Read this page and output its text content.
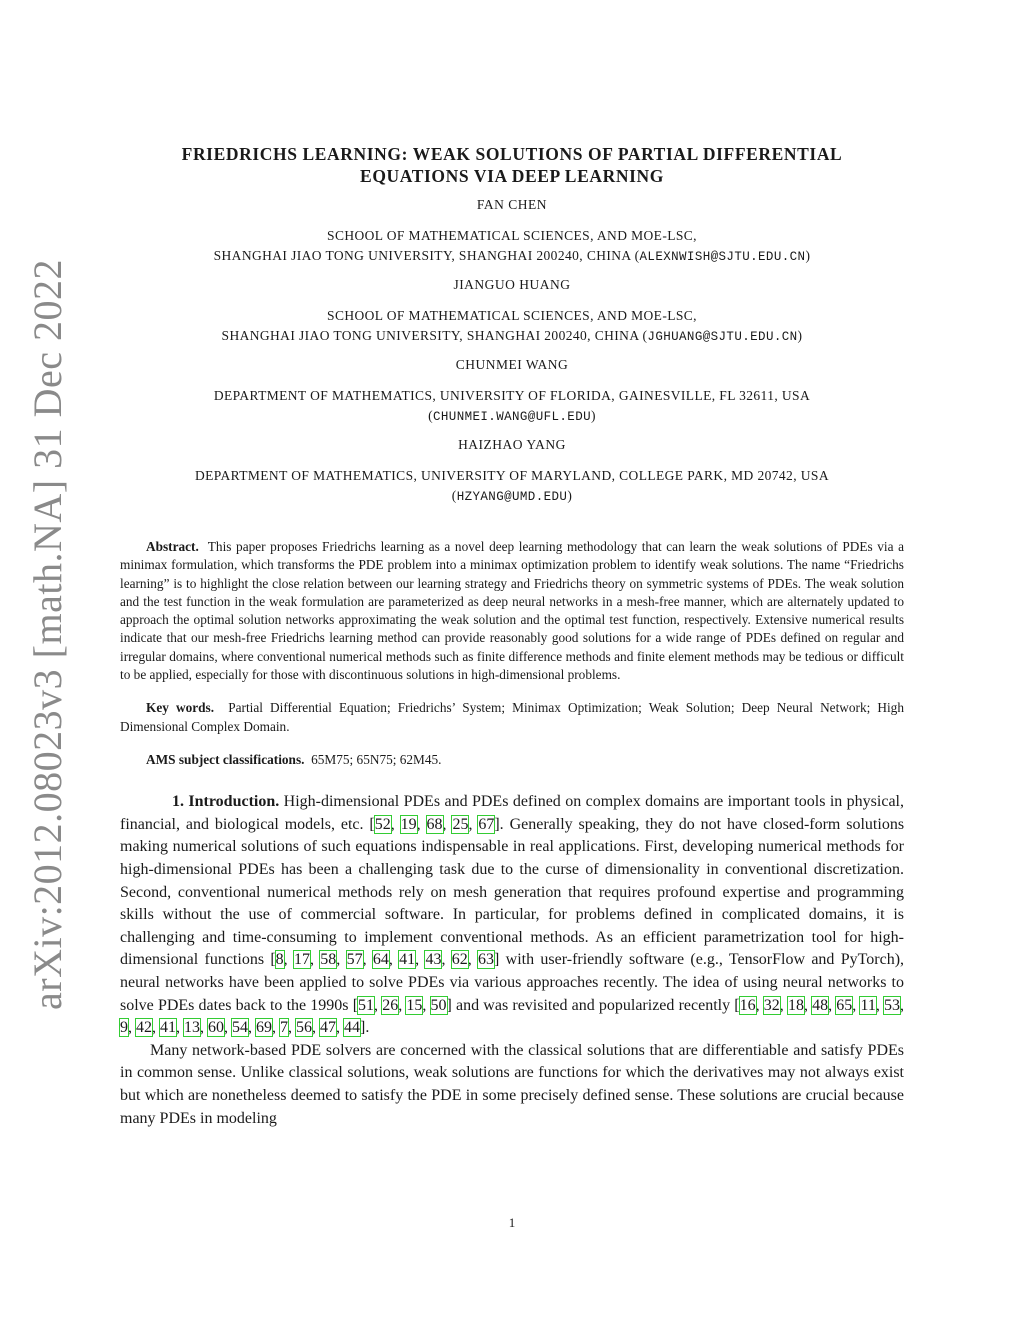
arXiv:2012.08023v3 [math.NA] 31 Dec 2022
FRIEDRICHS LEARNING: WEAK SOLUTIONS OF PARTIAL DIFFERENTIAL
EQUATIONS VIA DEEP LEARNING
FAN CHEN
SCHOOL OF MATHEMATICAL SCIENCES, AND MOE-LSC,
SHANGHAI JIAO TONG UNIVERSITY, SHANGHAI 200240, CHINA (ALEXNWISH@SJTU.EDU.CN)
JIANGUO HUANG
SCHOOL OF MATHEMATICAL SCIENCES, AND MOE-LSC,
SHANGHAI JIAO TONG UNIVERSITY, SHANGHAI 200240, CHINA (JGHUANG@SJTU.EDU.CN)
CHUNMEI WANG
DEPARTMENT OF MATHEMATICS, UNIVERSITY OF FLORIDA, GAINESVILLE, FL 32611, USA
(CHUNMEI.WANG@UFL.EDU)
HAIZHAO YANG
DEPARTMENT OF MATHEMATICS, UNIVERSITY OF MARYLAND, COLLEGE PARK, MD 20742, USA
(HZYANG@UMD.EDU)
Abstract. This paper proposes Friedrichs learning as a novel deep learning methodology that can learn the weak solutions of PDEs via a minimax formulation, which transforms the PDE problem into a minimax optimization problem to identify weak solutions. The name “Friedrichs learning” is to highlight the close relation between our learning strategy and Friedrichs theory on symmetric systems of PDEs. The weak solution and the test function in the weak formulation are parameterized as deep neural networks in a mesh-free manner, which are alternately updated to approach the optimal solution networks approximating the weak solution and the optimal test function, respectively. Extensive numerical results indicate that our mesh-free Friedrichs learning method can provide reasonably good solutions for a wide range of PDEs defined on regular and irregular domains, where conventional numerical methods such as finite difference methods and finite element methods may be tedious or difficult to be applied, especially for those with discontinuous solutions in high-dimensional problems.
Key words. Partial Differential Equation; Friedrichs’ System; Minimax Optimization; Weak Solution; Deep Neural Network; High Dimensional Complex Domain.
AMS subject classifications. 65M75; 65N75; 62M45.
1. Introduction. High-dimensional PDEs and PDEs defined on complex domains are important tools in physical, financial, and biological models, etc. [52, 19, 68, 25, 67]. Generally speaking, they do not have closed-form solutions making numerical solutions of such equations indispensable in real applications. First, developing numerical methods for high-dimensional PDEs has been a challenging task due to the curse of dimensionality in conventional discretization. Second, conventional numerical methods rely on mesh generation that requires profound expertise and programming skills without the use of commercial software. In particular, for problems defined in complicated domains, it is challenging and time-consuming to implement conventional methods. As an efficient parametrization tool for high-dimensional functions [8, 17, 58, 57, 64, 41, 43, 62, 63] with user-friendly software (e.g., TensorFlow and PyTorch), neural networks have been applied to solve PDEs via various approaches recently. The idea of using neural networks to solve PDEs dates back to the 1990s [51, 26, 15, 50] and was revisited and popularized recently [16, 32, 18, 48, 65, 11, 53, 9, 42, 41, 13, 60, 54, 69, 7, 56, 47, 44].
Many network-based PDE solvers are concerned with the classical solutions that are differentiable and satisfy PDEs in common sense. Unlike classical solutions, weak solutions are functions for which the derivatives may not always exist but which are nonetheless deemed to satisfy the PDE in some precisely defined sense. These solutions are crucial because many PDEs in modeling
1
